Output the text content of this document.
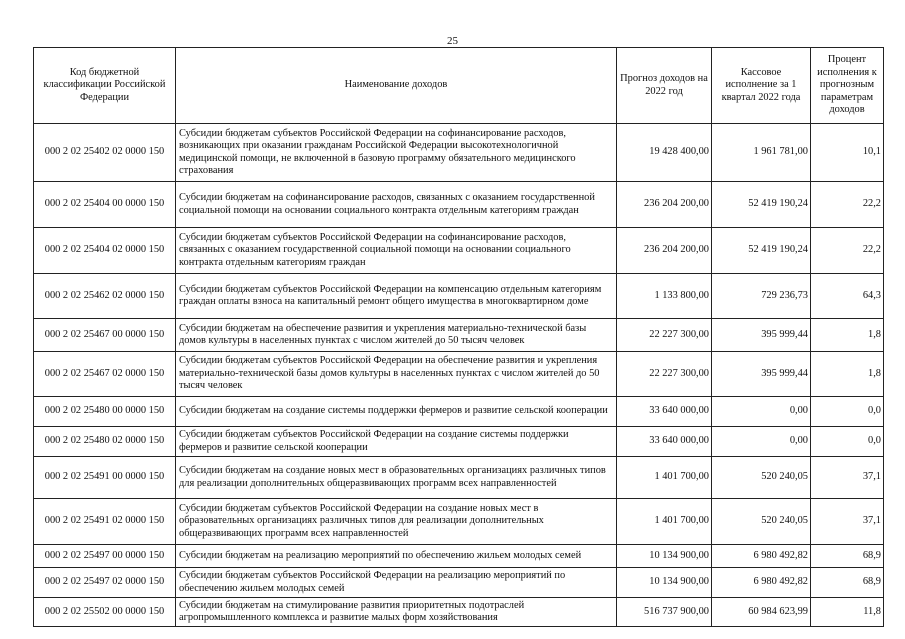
25
Код бюджетной классификации Российской Федерации	Наименование доходов	Прогноз доходов на 2022 год	Кассовое исполнение за 1 квартал 2022 года	Процент исполнения к прогнозным параметрам доходов
000 2 02 25402 02 0000 150	Субсидии бюджетам субъектов Российской Федерации на софинансирование расходов, возникающих при оказании гражданам Российской Федерации высокотехнологичной медицинской помощи, не включенной в базовую программу обязательного медицинского страхования	19 428 400,00	1 961 781,00	10,1
000 2 02 25404 00 0000 150	Субсидии бюджетам на софинансирование расходов, связанных с оказанием государственной социальной помощи на основании социального контракта отдельным категориям граждан	236 204 200,00	52 419 190,24	22,2
000 2 02 25404 02 0000 150	Субсидии бюджетам субъектов Российской Федерации на софинансирование расходов, связанных с оказанием государственной социальной помощи на основании социального контракта отдельным категориям граждан	236 204 200,00	52 419 190,24	22,2
000 2 02 25462 02 0000 150	Субсидии бюджетам субъектов Российской Федерации на компенсацию отдельным категориям граждан оплаты взноса на капитальный ремонт общего имущества в многоквартирном доме	1 133 800,00	729 236,73	64,3
000 2 02 25467 00 0000 150	Субсидии бюджетам на обеспечение развития и укрепления материально-технической базы домов культуры в населенных пунктах с числом жителей до 50 тысяч человек	22 227 300,00	395 999,44	1,8
000 2 02 25467 02 0000 150	Субсидии бюджетам субъектов Российской Федерации на обеспечение развития и укрепления материально-технической базы домов культуры в населенных пунктах с числом жителей до 50 тысяч человек	22 227 300,00	395 999,44	1,8
000 2 02 25480 00 0000 150	Субсидии бюджетам на создание системы поддержки фермеров и развитие сельской кооперации	33 640 000,00	0,00	0,0
000 2 02 25480 02 0000 150	Субсидии бюджетам субъектов Российской Федерации на создание системы поддержки фермеров и развитие сельской кооперации	33 640 000,00	0,00	0,0
000 2 02 25491 00 0000 150	Субсидии бюджетам на создание новых мест в образовательных организациях различных типов для реализации дополнительных общеразвивающих программ всех направленностей	1 401 700,00	520 240,05	37,1
000 2 02 25491 02 0000 150	Субсидии бюджетам субъектов Российской Федерации на создание новых мест в образовательных организациях различных типов для реализации дополнительных общеразвивающих программ всех направленностей	1 401 700,00	520 240,05	37,1
000 2 02 25497 00 0000 150	Субсидии бюджетам на реализацию мероприятий по обеспечению жильем молодых семей	10 134 900,00	6 980 492,82	68,9
000 2 02 25497 02 0000 150	Субсидии бюджетам субъектов Российской Федерации на реализацию мероприятий по обеспечению жильем молодых семей	10 134 900,00	6 980 492,82	68,9
000 2 02 25502 00 0000 150	Субсидии бюджетам на стимулирование развития приоритетных подотраслей агропромышленного комплекса и развитие малых форм хозяйствования	516 737 900,00	60 984 623,99	11,8
